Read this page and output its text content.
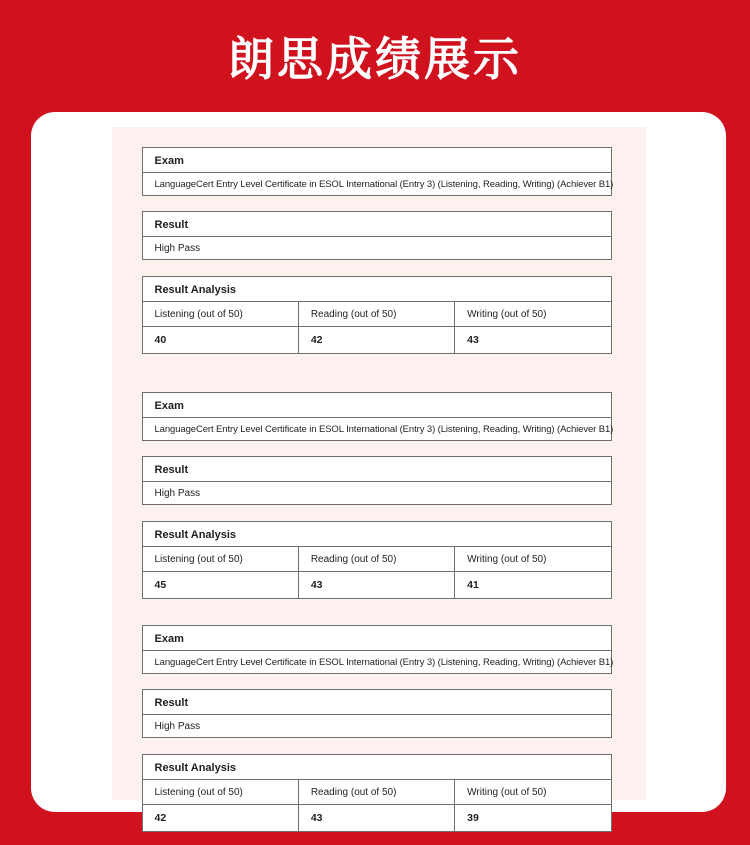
朗思成绩展示
Exam
LanguageCert Entry Level Certificate in ESOL International (Entry 3) (Listening, Reading, Writing) (Achiever B1)
Result
High Pass
Result Analysis
Listening (out of 50)	Reading (out of 50)	Writing (out of 50)
40	42	43
Exam
LanguageCert Entry Level Certificate in ESOL International (Entry 3) (Listening, Reading, Writing) (Achiever B1)
Result
High Pass
Result Analysis
Listening (out of 50)	Reading (out of 50)	Writing (out of 50)
45	43	41
Exam
LanguageCert Entry Level Certificate in ESOL International (Entry 3) (Listening, Reading, Writing) (Achiever B1)
Result
High Pass
Result Analysis
Listening (out of 50)	Reading (out of 50)	Writing (out of 50)
42	43	39
